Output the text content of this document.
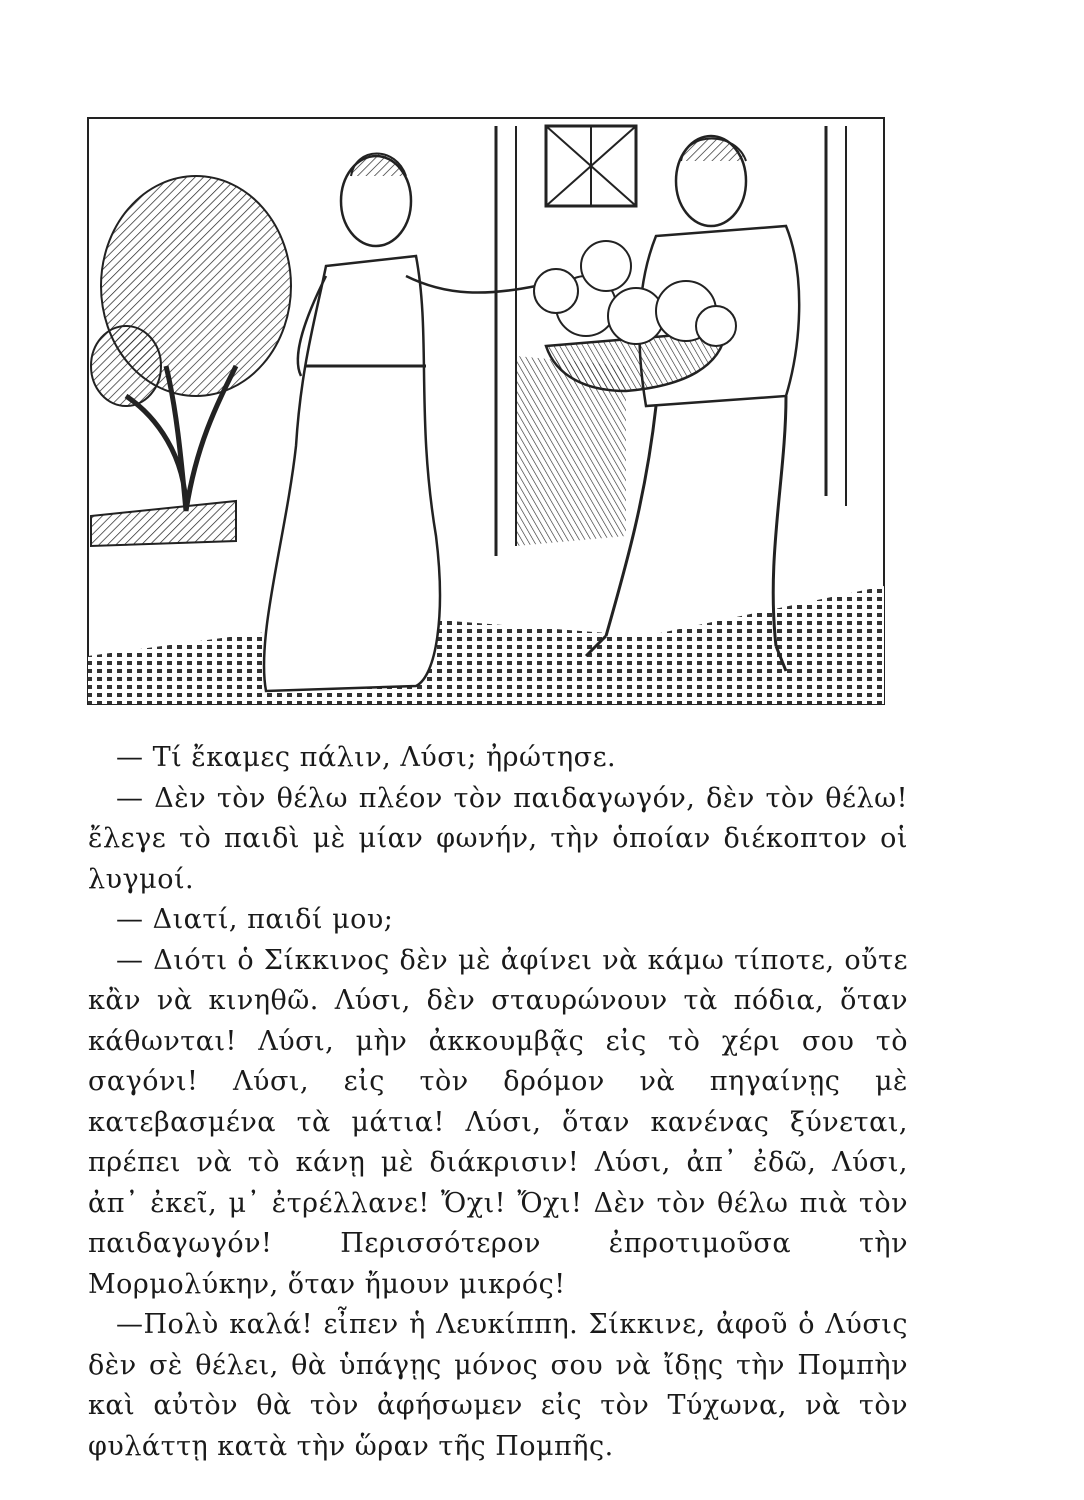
— Τί ἔκαμες πάλιν, Λύσι; ἠρώτησε.

— Δὲν τὸν θέλω πλέον τὸν παιδαγωγόν, δὲν τὸν θέλω! ἔλεγε τὸ παιδὶ μὲ μίαν φωνήν, τὴν ὁποίαν διέκοπτον οἱ λυγμοί.

— Διατί, παιδί μου;

— Διότι ὁ Σίκκινος δὲν μὲ ἀφίνει νὰ κάμω τίποτε, οὔτε κἂν νὰ κινηθῶ. Λύσι, δὲν σταυρώνουν τὰ πόδια, ὅταν κάθωνται! Λύσι, μὴν ἀκκουμβᾷς εἰς τὸ χέρι σου τὸ σαγόνι! Λύσι, εἰς τὸν δρόμον νὰ πηγαίνῃς μὲ κατεβασμένα τὰ μάτια! Λύσι, ὅταν κανένας ξύνεται, πρέπει νὰ τὸ κάνῃ μὲ διάκρισιν! Λύσι, ἀπ᾽ ἐδῶ, Λύσι, ἀπ᾽ ἐκεῖ, μ᾽ ἐτρέλλανε! Ὄχι! Ὄχι! Δὲν τὸν θέλω πιὰ τὸν παιδαγωγόν! Περισσότερον ἐπροτιμοῦσα τὴν Μορμολύκην, ὅταν ἤμουν μικρός!

—Πολὺ καλά! εἶπεν ἡ Λευκίππη. Σίκκινε, ἀφοῦ ὁ Λύσις δὲν σὲ θέλει, θὰ ὑπάγῃς μόνος σου νὰ ἴδῃς τὴν Πομπὴν καὶ αὐτὸν θὰ τὸν ἀφήσωμεν εἰς τὸν Τύχωνα, νὰ τὸν φυλάττῃ κατὰ τὴν ὥραν τῆς Πομπῆς.
